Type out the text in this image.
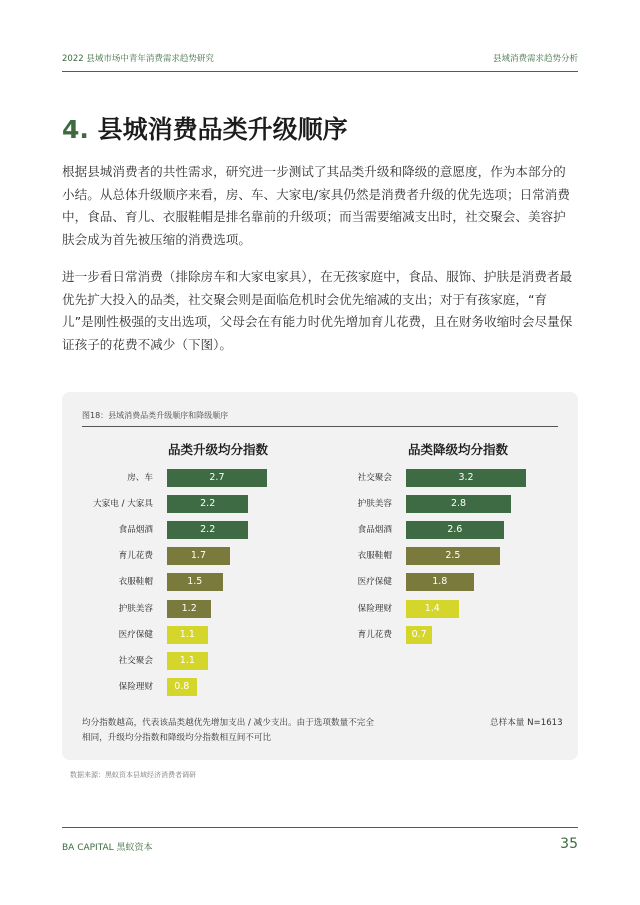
2022 县域市场中青年消费需求趋势研究	县域消费需求趋势分析
4. 县城消费品类升级顺序

根据县城消费者的共性需求，研究进一步测试了其品类升级和降级的意愿度，作为本部分的小结。从总体升级顺序来看，房、车、大家电/家具仍然是消费者升级的优先选项；日常消费中，食品、育儿、衣服鞋帽是排名靠前的升级项；而当需要缩减支出时，社交聚会、美容护肤会成为首先被压缩的消费选项。

进一步看日常消费（排除房车和大家电家具），在无孩家庭中，食品、服饰、护肤是消费者最优先扩大投入的品类，社交聚会则是面临危机时会优先缩减的支出；对于有孩家庭，“育儿”是刚性极强的支出选项，父母会在有能力时优先增加育儿花费，且在财务收缩时会尽量保证孩子的花费不减少（下图）。

图18：县域消费品类升级顺序和降级顺序
品类升级均分指数	品类降级均分指数
房、车	2.7
大家电 / 大家具	2.2
食品烟酒	2.2
育儿花费	1.7
衣服鞋帽	1.5
护肤美容	1.2
医疗保健	1.1
社交聚会	1.1
保险理财	0.8
社交聚会	3.2
护肤美容	2.8
食品烟酒	2.6
衣服鞋帽	2.5
医疗保健	1.8
保险理财	1.4
育儿花费	0.7

均分指数越高，代表该品类越优先增加支出 / 减少支出。由于选项数量不完全相同，升级均分指数和降级均分指数相互间不可比

总样本量 N=1613
数据来源：黑蚁资本县域经济消费者调研
BA CAPITAL 黑蚁资本	35
